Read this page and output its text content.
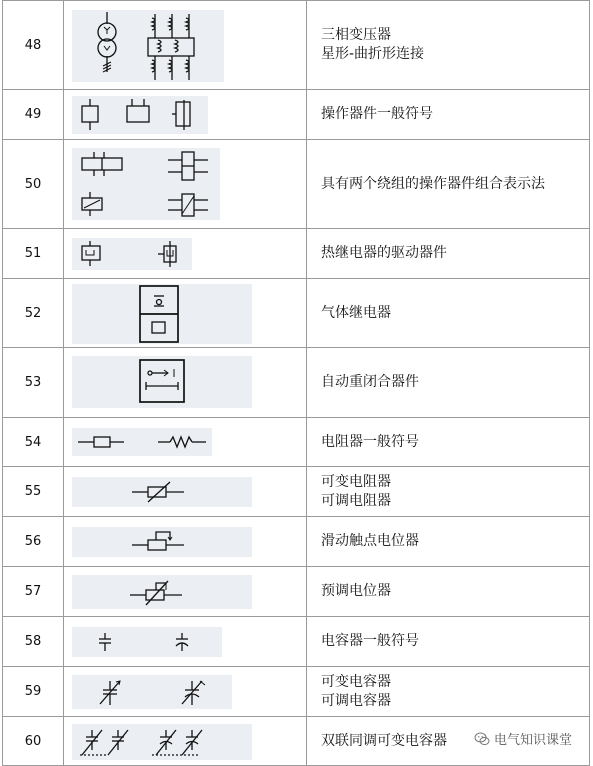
48		三相变压器
星形-曲折形连接

49		操作器件一般符号

50		具有两个绕组的操作器件组合表示法

51		热继电器的驱动器件

52		气体继电器

53		自动重闭合器件

54		电阻器一般符号

55		可变电阻器
可调电阻器

56		滑动触点电位器

57		预调电位器

58		电容器一般符号

59		可变电容器
可调电容器

60		双联同调可变电容器	电气知识课堂
